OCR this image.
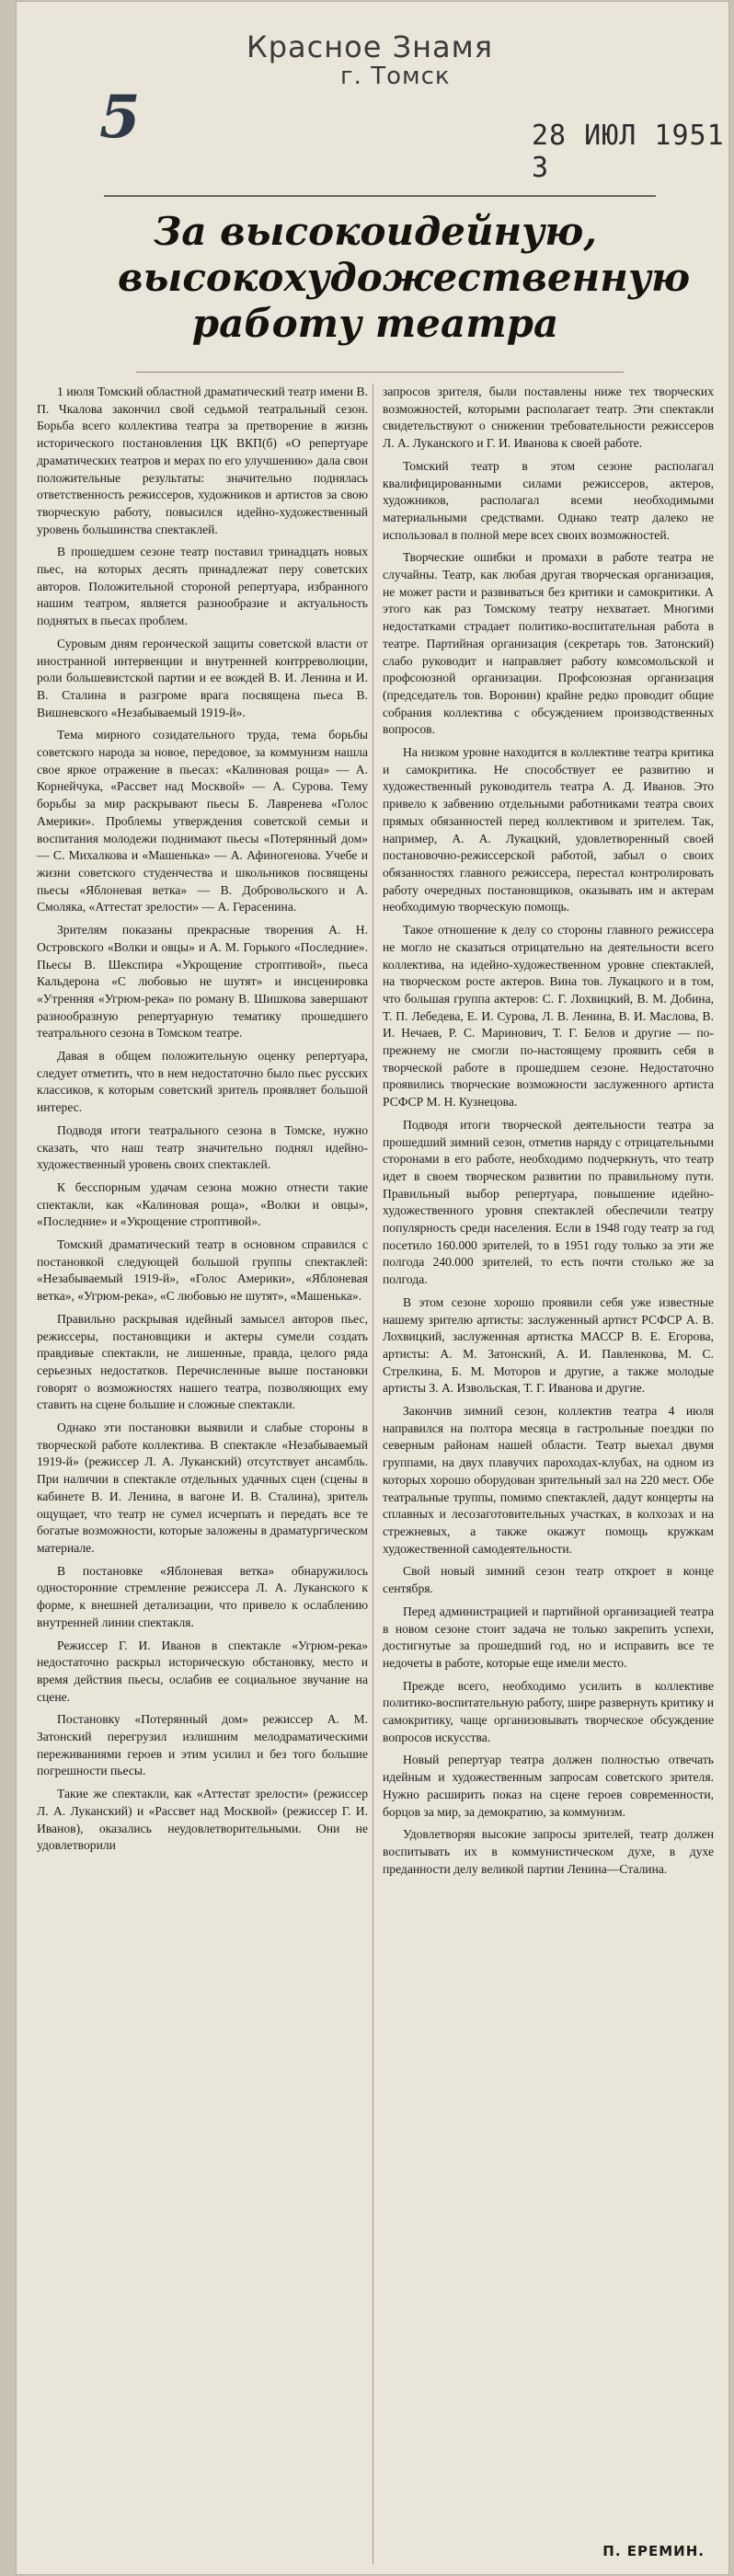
Красное Знамя
г. Томск
5	28 ИЮЛ 1951 3
За высокоидейную,
высокохудожественную
работу театра

1 июля Томский областной драматический театр имени В. П. Чкалова закончил свой седьмой театральный сезон. Борьба всего коллектива театра за претворение в жизнь исторического постановления ЦК ВКП(б) «О репертуаре драматических театров и мерах по его улучшению» дала свои положительные результаты: значительно поднялась ответственность режиссеров, художников и артистов за свою творческую работу, повысился идейно-художественный уровень большинства спектаклей.

В прошедшем сезоне театр поставил тринадцать новых пьес, на которых десять принадлежат перу советских авторов. Положительной стороной репертуара, избранного нашим театром, является разнообразие и актуальность поднятых в пьесах проблем.

Суровым дням героической защиты советской власти от иностранной интервенции и внутренней контрреволюции, роли большевистской партии и ее вождей В. И. Ленина и И. В. Сталина в разгроме врага посвящена пьеса В. Вишневского «Незабываемый 1919-й».

Тема мирного созидательного труда, тема борьбы советского народа за новое, передовое, за коммунизм нашла свое яркое отражение в пьесах: «Калиновая роща» — А. Корнейчука, «Рассвет над Москвой» — А. Сурова. Тему борьбы за мир раскрывают пьесы Б. Лавренева «Голос Америки». Проблемы утверждения советской семьи и воспитания молодежи поднимают пьесы «Потерянный дом» — С. Михалкова и «Машенька» — А. Афиногенова. Учебе и жизни советского студенчества и школьников посвящены пьесы «Яблоневая ветка» — В. Добровольского и А. Смоляка, «Аттестат зрелости» — А. Герасенина.

Зрителям показаны прекрасные творения А. Н. Островского «Волки и овцы» и А. М. Горького «Последние». Пьесы В. Шекспира «Укрощение строптивой», пьеса Кальдерона «С любовью не шутят» и инсценировка «Утренняя «Угрюм-река» по роману В. Шишкова завершают разнообразную репертуарную тематику прошедшего театрального сезона в Томском театре.

Давая в общем положительную оценку репертуара, следует отметить, что в нем недостаточно было пьес русских классиков, к которым советский зритель проявляет большой интерес.

Подводя итоги театрального сезона в Томске, нужно сказать, что наш театр значительно поднял идейно-художественный уровень своих спектаклей.

К бесспорным удачам сезона можно отнести такие спектакли, как «Калиновая роща», «Волки и овцы», «Последние» и «Укрощение строптивой».

Томский драматический театр в основном справился с постановкой следующей большой группы спектаклей: «Незабываемый 1919-й», «Голос Америки», «Яблоневая ветка», «Угрюм-река», «С любовью не шутят», «Машенька».

Правильно раскрывая идейный замысел авторов пьес, режиссеры, постановщики и актеры сумели создать правдивые спектакли, не лишенные, правда, целого ряда серьезных недостатков. Перечисленные выше постановки говорят о возможностях нашего театра, позволяющих ему ставить на сцене большие и сложные спектакли.

Однако эти постановки выявили и слабые стороны в творческой работе коллектива. В спектакле «Незабываемый 1919-й» (режиссер Л. А. Луканский) отсутствует ансамбль. При наличии в спектакле отдельных удачных сцен (сцены в кабинете В. И. Ленина, в вагоне И. В. Сталина), зритель ощущает, что театр не сумел исчерпать и передать все те богатые возможности, которые заложены в драматургическом материале.

В постановке «Яблоневая ветка» обнаружилось односторонние стремление режиссера Л. А. Луканского к форме, к внешней детализации, что привело к ослаблению внутренней линии спектакля.

Режиссер Г. И. Иванов в спектакле «Угрюм-река» недостаточно раскрыл историческую обстановку, место и время действия пьесы, ослабив ее социальное звучание на сцене.

Постановку «Потерянный дом» режиссер А. М. Затонский перегрузил излишним мелодраматическими переживаниями героев и этим усилил и без того большие погрешности пьесы.

Такие же спектакли, как «Аттестат зрелости» (режиссер Л. А. Луканский) и «Рассвет над Москвой» (режиссер Г. И. Иванов), оказались неудовлетворительными. Они не удовлетворили

запросов зрителя, были поставлены ниже тех творческих возможностей, которыми располагает театр. Эти спектакли свидетельствуют о снижении требовательности режиссеров Л. А. Луканского и Г. И. Иванова к своей работе.

Томский театр в этом сезоне располагал квалифицированными силами режиссеров, актеров, художников, располагал всеми необходимыми материальными средствами. Однако театр далеко не использовал в полной мере всех своих возможностей.

Творческие ошибки и промахи в работе театра не случайны. Театр, как любая другая творческая организация, не может расти и развиваться без критики и самокритики. А этого как раз Томскому театру нехватает. Многими недостатками страдает политико-воспитательная работа в театре. Партийная организация (секретарь тов. Затонский) слабо руководит и направляет работу комсомольской и профсоюзной организации. Профсоюзная организация (председатель тов. Воронин) крайне редко проводит общие собрания коллектива с обсуждением производственных вопросов.

На низком уровне находится в коллективе театра критика и самокритика. Не способствует ее развитию и художественный руководитель театра А. Д. Иванов. Это привело к забвению отдельными работниками театра своих прямых обязанностей перед коллективом и зрителем. Так, например, А. А. Лукацкий, удовлетворенный своей постановочно-режиссерской работой, забыл о своих обязанностях главного режиссера, перестал контролировать работу очередных постановщиков, оказывать им и актерам необходимую творческую помощь.

Такое отношение к делу со стороны главного режиссера не могло не сказаться отрицательно на деятельности всего коллектива, на идейно-художественном уровне спектаклей, на творческом росте актеров. Вина тов. Лукацкого и в том, что большая группа актеров: С. Г. Лохвицкий, В. М. Добина, Т. П. Лебедева, Е. И. Сурова, Л. В. Ленина, В. И. Маслова, В. И. Нечаев, Р. С. Маринович, Т. Г. Белов и другие — по-прежнему не смогли по-настоящему проявить себя в творческой работе в прошедшем сезоне. Недостаточно проявились творческие возможности заслуженного артиста РСФСР М. Н. Кузнецова.

Подводя итоги творческой деятельности театра за прошедший зимний сезон, отметив наряду с отрицательными сторонами в его работе, необходимо подчеркнуть, что театр идет в своем творческом развитии по правильному пути. Правильный выбор репертуара, повышение идейно-художественного уровня спектаклей обеспечили театру популярность среди населения. Если в 1948 году театр за год посетило 160.000 зрителей, то в 1951 году только за эти же полгода 240.000 зрителей, то есть почти столько же за полгода.

В этом сезоне хорошо проявили себя уже известные нашему зрителю артисты: заслуженный артист РСФСР А. В. Лохвицкий, заслуженная артистка МАССР В. Е. Егорова, артисты: А. М. Затонский, А. И. Павленкова, М. С. Стрелкина, Б. М. Моторов и другие, а также молодые артисты З. А. Извольская, Т. Г. Иванова и другие.

Закончив зимний сезон, коллектив театра 4 июля направился на полтора месяца в гастрольные поездки по северным районам нашей области. Театр выехал двумя группами, на двух плавучих пароходах-клубах, на одном из которых хорошо оборудован зрительный зал на 220 мест. Обе театральные труппы, помимо спектаклей, дадут концерты на сплавных и лесозаготовительных участках, в колхозах и на стрежневых, а также окажут помощь кружкам художественной самодеятельности.

Свой новый зимний сезон театр откроет в конце сентября.

Перед администрацией и партийной организацией театра в новом сезоне стоит задача не только закрепить успехи, достигнутые за прошедший год, но и исправить все те недочеты в работе, которые еще имели место.

Прежде всего, необходимо усилить в коллективе политико-воспитательную работу, шире развернуть критику и самокритику, чаще организовывать творческое обсуждение вопросов искусства.

Новый репертуар театра должен полностью отвечать идейным и художественным запросам советского зрителя. Нужно расширить показ на сцене героев современности, борцов за мир, за демократию, за коммунизм.

Удовлетворяя высокие запросы зрителей, театр должен воспитывать их в коммунистическом духе, в духе преданности делу великой партии Ленина—Сталина.

П. ЕРЕМИН.
